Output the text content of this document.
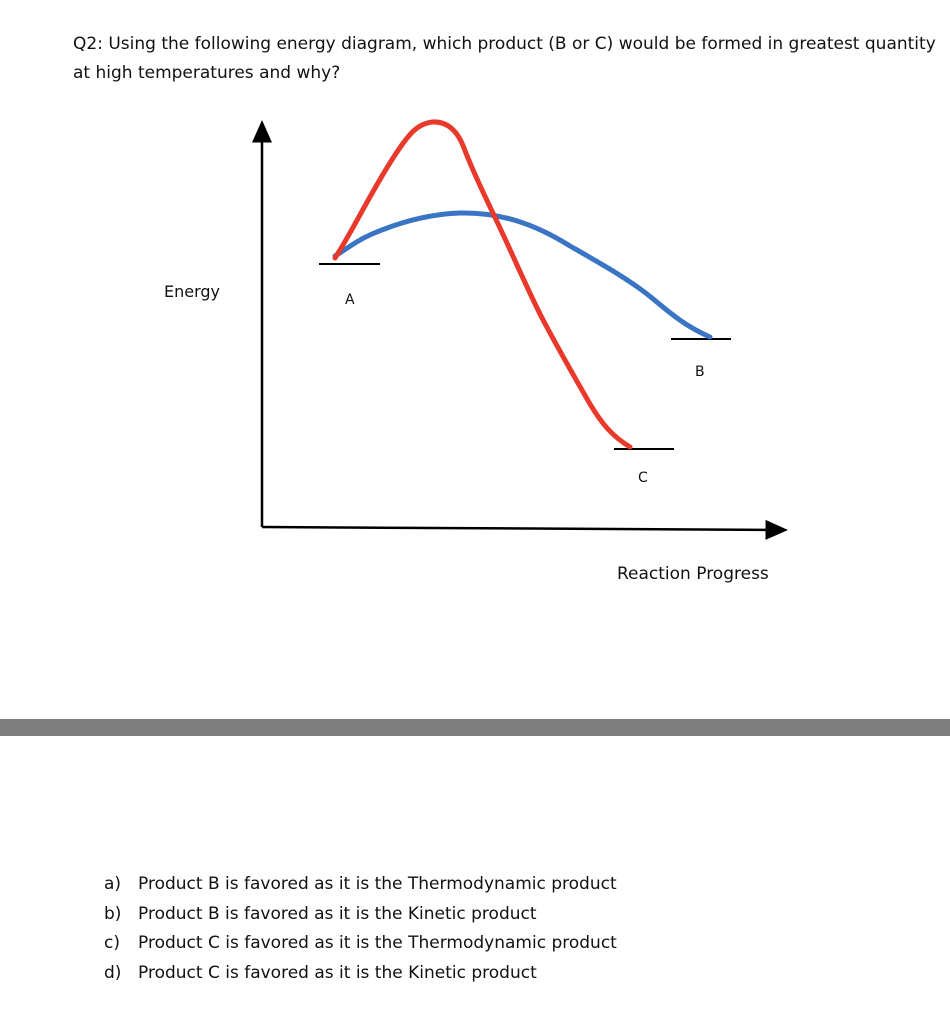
Q2: Using the following energy diagram, which product (B or C) would be formed in greatest quantity at high temperatures and why?

Energy	A
B
C
Reaction Progress
a) Product B is favored as it is the Thermodynamic product
b) Product B is favored as it is the Kinetic product
c) Product C is favored as it is the Thermodynamic product
d) Product C is favored as it is the Kinetic product
